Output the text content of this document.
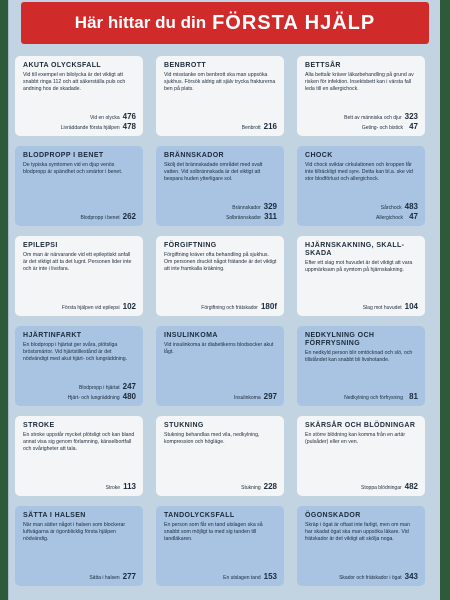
Här hittar du din FÖRSTA HJÄLP
AKUTA OLYCKSFALL
Vid till exempel en bilolycka är det viktigt att snabbt ringa 112 och att säkerställa puls och andning hos de skadade.
Vid en olycka 476
Livräddande första hjälpen 478
BENBROTT
Vid misstanke om benbrott ska man uppsöka sjukhus. Försök aldrig att själv trycka frakturerna ben på plats.
Benbrott 216
BETTSÅR
Alla bettsår kräver läkarbehandling på grund av risken för infektion. Insektsbett kan i värsta fall leda till en allergichock.
Bett av människa och djur 323
Geting- och bistick 47
BLODPROPP I BENET
De typiska symtomen vid en djup venös blodpropp är spändhet och smärtor i benet.
Blodpropp i benet 262
BRÄNNSKADOR
Skölj det brännskadade området med svalt vatten. Vid solbrännskada är det viktigt att bespara huden ytterligare sol.
Brännskador 329
Solbrännskador 311
CHOCK
Vid chock sviktar cirkulationen och kroppen får inte tillräckligt med syre. Detta kan bl.a. ske vid stor blodförlust och allergichock.
Sårchock 483
Allergichock 47
EPILEPSI
Om man är närvarande vid ett epileptiskt anfall är det viktigt att ta det lugnt. Personen lider inte och är inte i livsfara.
Första hjälpen vid epilepsi 102
FÖRGIFTNING
Förgiftning kräver ofta behandling på sjukhus. Om personen druckit något frätande är det viktigt att inte framkalla kräkning.
Förgiftning och frätskador 180f
HJÄRNSKAKNING, SKALL-SKADA
Efter ett slag mot huvudet är det viktigt att vara uppmärksam på symtom på hjärnskakning.
Slag mot huvudet 104
HJÄRTINFARKT
En blodpropp i hjärtat ger svåra, plötsliga bröstsmärtor. Vid hjärtstillestånd är det nödvändigt med akut hjärt- och lungräddning.
Blodpropp i hjärtat 247
Hjärt- och lungräddning 480
INSULINKOMA
Vid insulinkoma är diabetikerns blodsocker akut lågt.
Insulinkoma 297
NEDKYLNING OCH FÖRFRYSNING
En nedkyld person blir omtöcknad och slö, och tillståndet kan snabbt bli livshotande.
Nedkylning och förfrysning 81
STROKE
En stroke uppstår mycket plötsligt och kan bland annat visa sig genom förlamning, känselbortfall och svårigheter att tala.
Stroke 113
STUKNING
Stukning behandlas med vila, nedkylning, kompression och högläge.
Stukning 228
SKÄRSÅR OCH BLÖDNINGAR
En större blödning kan komma från en artär (pulsåder) eller en ven.
Stoppa blödningar 482
SÄTTA I HALSEN
När man sätter något i halsen som blockerar luftvägarna är ögonblicklig första hjälpen nödvändig.
Sätta i halsen 277
TANDOLYCKSFALL
En person som får en tand utslagen ska så snabbt som möjligt ta med sig tanden till tandläkaren.
En utslagen tand 153
ÖGONSKADOR
Skräp i ögat är oftast inte farligt, men om man har skadat ögat ska man uppsöka läkare. Vid frätskador är det viktigt att skölja noga.
Skador och frätskador i ögat 343
